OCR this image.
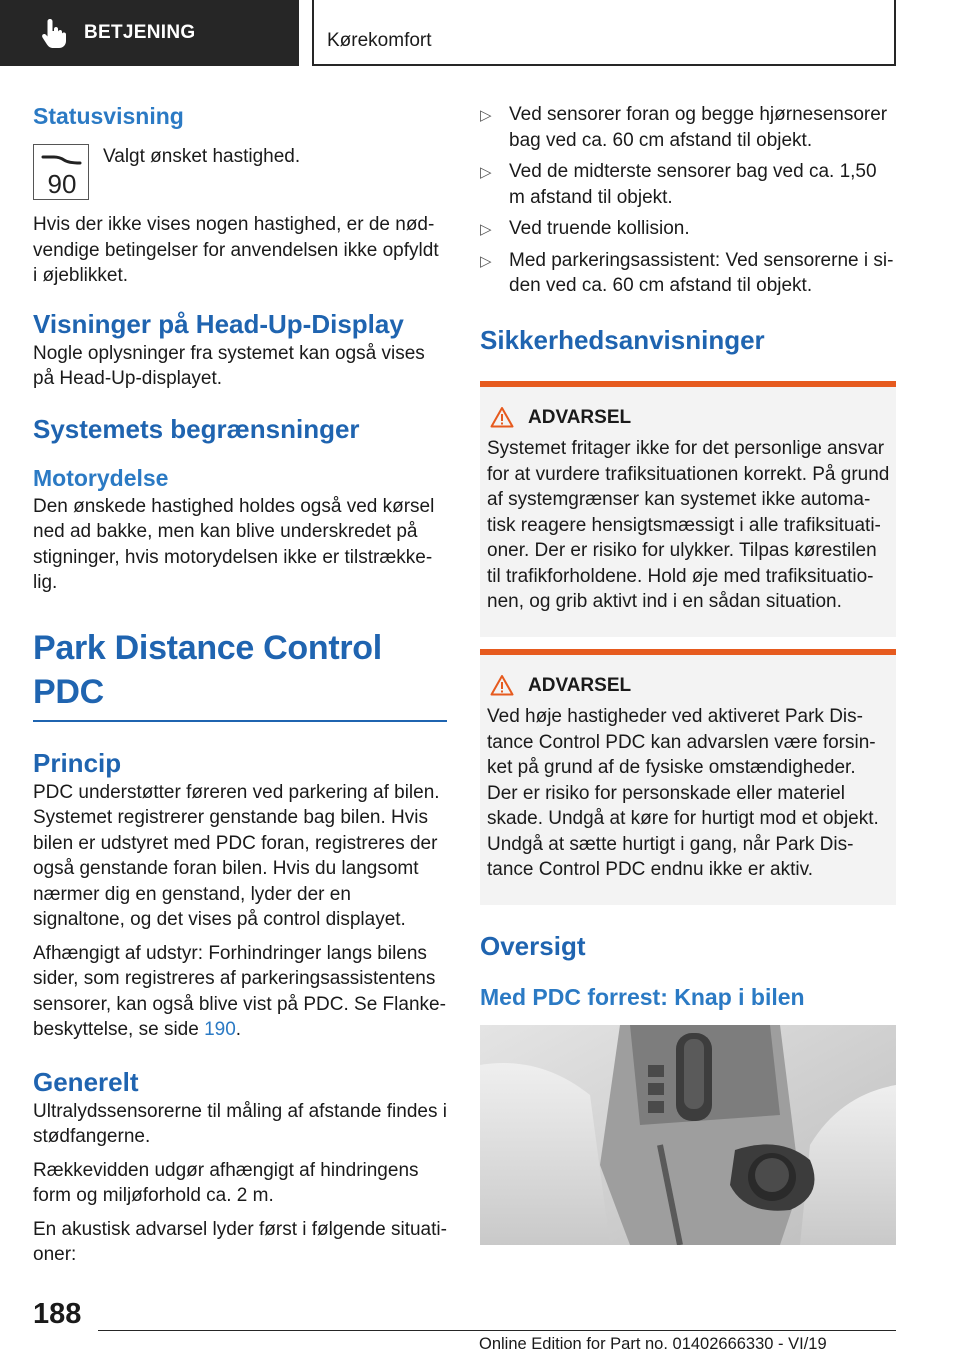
BETJENING	Kørekomfort
Statusvisning
90
Valgt ønsket hastighed.

Hvis der ikke vises nogen hastighed, er de nødvendige betingelser for anvendelsen ikke opfyldt i øjeblikket.

Visninger på Head-Up-Display

Nogle oplysninger fra systemet kan også vises på Head-Up-displayet.

Systemets begrænsninger
Motorydelse

Den ønskede hastighed holdes også ved kørsel ned ad bakke, men kan blive underskredet på stigninger, hvis motorydelsen ikke er tilstrækkelig.

Park Distance Control PDC
Princip

PDC understøtter føreren ved parkering af bilen. Systemet registrerer genstande bag bilen. Hvis bilen er udstyret med PDC foran, registreres der også genstande foran bilen. Hvis du langsomt nærmer dig en genstand, lyder der en signaltone, og det vises på control displayet.

Afhængigt af udstyr: Forhindringer langs bilens sider, som registreres af parkeringsassistentens sensorer, kan også blive vist på PDC. Se Flankebeskyttelse, se side 190.

Generelt

Ultralydssensorerne til måling af afstande findes i stødfangerne.

Rækkevidden udgør afhængigt af hindringens form og miljøforhold ca. 2 m.

En akustisk advarsel lyder først i følgende situationer:

▷ Ved sensorer foran og begge hjørnesensorer bag ved ca. 60 cm afstand til objekt.
▷ Ved de midterste sensorer bag ved ca. 1,50 m afstand til objekt.
▷ Ved truende kollision.
▷ Med parkeringsassistent: Ved sensorerne i siden ved ca. 60 cm afstand til objekt.
Sikkerhedsanvisninger
ADVARSEL
Systemet fritager ikke for det personlige ansvar for at vurdere trafiksituationen korrekt. På grund af systemgrænser kan systemet ikke automatisk reagere hensigtsmæssigt i alle trafiksituationer. Der er risiko for ulykker. Tilpas kørestilen til trafikforholdene. Hold øje med trafiksituationen, og grib aktivt ind i en sådan situation.
ADVARSEL
Ved høje hastigheder ved aktiveret Park Distance Control PDC kan advarslen være forsinket på grund af de fysiske omstændigheder. Der er risiko for personskade eller materiel skade. Undgå at køre for hurtigt mod et objekt. Undgå at sætte hurtigt i gang, når Park Distance Control PDC endnu ikke er aktiv.
Oversigt
Med PDC forrest: Knap i bilen
188
Online Edition for Part no. 01402666330 - VI/19
